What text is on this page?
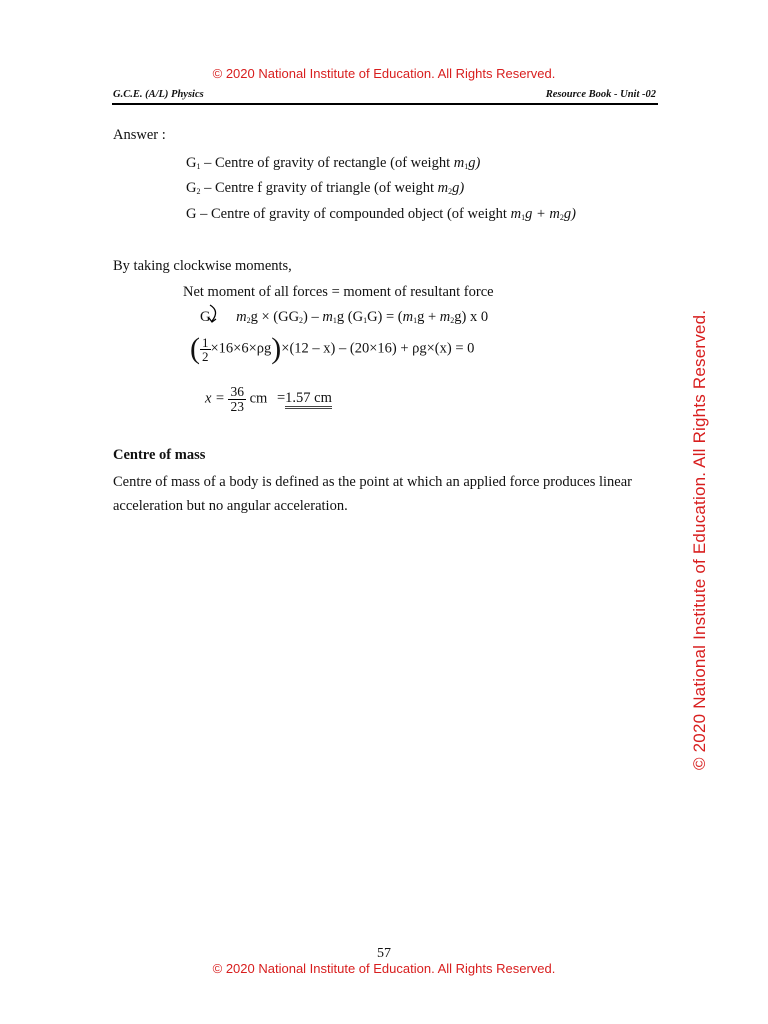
© 2020 National Institute of Education. All Rights Reserved.
G.C.E. (A/L) Physics	Resource Book - Unit -02
Answer :
$G_1$ – Centre of gravity of rectangle (of weight $m_1g$)
$G_2$ – Centre f gravity of triangle (of weight $m_2g$)
G – Centre of gravity of compounded object (of weight $m_1g + m_2g$)
By taking clockwise moments,
Net moment of all forces = moment of resultant force
G $m_2g \times (GG_2) - m_1g$ $(G_1G) = (m_1g + m_2g)$ x 0
( $\frac{1}{2} \times 16\times 6\times\rho g)\times(12 - x) - (20\times 16) + \rho g\times(x) = 0$
$x = \frac{36}{23}$ cm =1.57 cm
Centre of mass
Centre of mass of a body is defined as the point at which an applied force produces linear
acceleration but no angular acceleration.	© 2020 National Institute of Education. All Rights Reserved.
57
© 2020 National Institute of Education. All Rights Reserved.
